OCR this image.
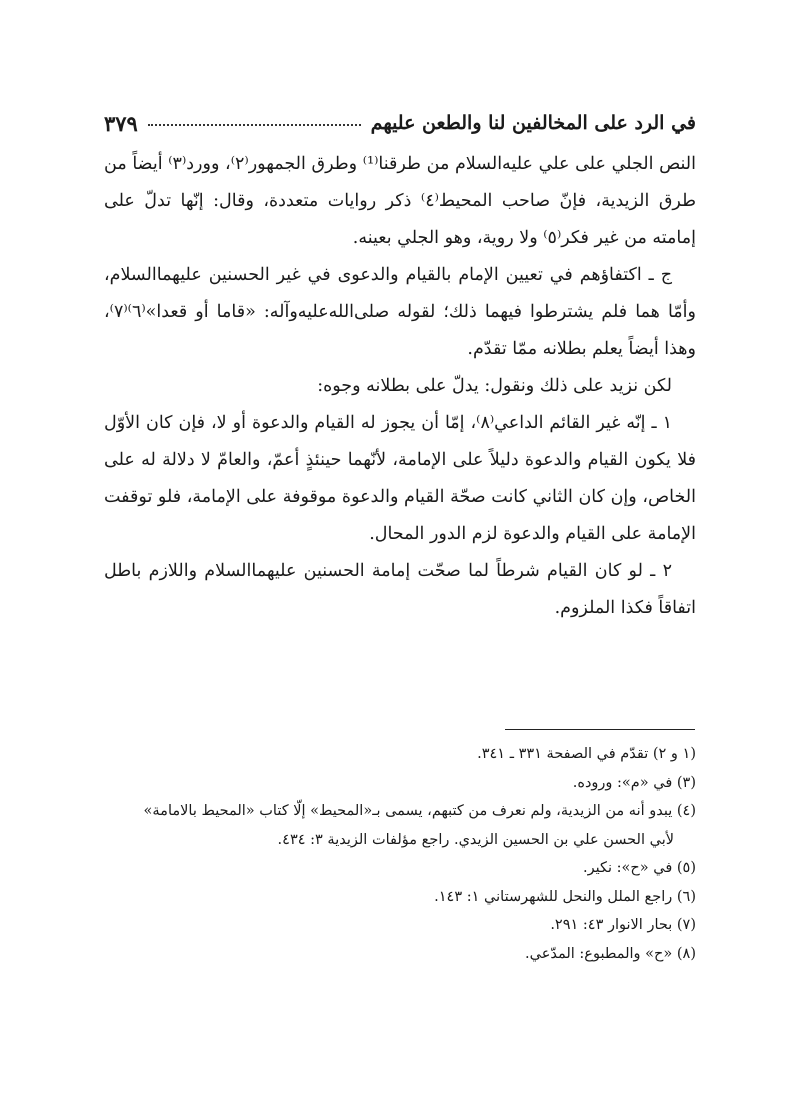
في الرد على المخالفين لنا والطعن عليهم
٣٧٩

النص الجلي على علي عليه‌السلام من طرقنا⁽¹⁾ وطرق الجمهور⁽٢⁾، وورد⁽٣⁾ أيضاً من طرق الزيدية، فإنّ صاحب المحيط⁽٤⁾ ذكر روايات متعددة، وقال: إنّها تدلّ على إمامته من غير فكر⁽٥⁾ ولا روية، وهو الجلي بعينه.

ج ـ اكتفاؤهم في تعيين الإمام بالقيام والدعوى في غير الحسنين عليهما‌السلام، وأمّا هما فلم يشترطوا فيهما ذلك؛ لقوله صلى‌الله‌عليه‌وآله: «قاما أو قعدا»⁽٦⁾⁽٧⁾، وهذا أيضاً يعلم بطلانه ممّا تقدّم.

لكن نزيد على ذلك ونقول: يدلّ على بطلانه وجوه:

١ ـ إنّه غير القائم الداعي⁽٨⁾، إمّا أن يجوز له القيام والدعوة أو لا، فإن كان الأوّل فلا يكون القيام والدعوة دليلاً على الإمامة، لأنّهما حينئذٍ أعمّ، والعامّ لا دلالة له على الخاص، وإن كان الثاني كانت صحّة القيام والدعوة موقوفة على الإمامة، فلو توقفت الإمامة على القيام والدعوة لزم الدور المحال.

٢ ـ لو كان القيام شرطاً لما صحّت إمامة الحسنين عليهما‌السلام واللازم باطل اتفاقاً فكذا الملزوم.

(١ و ٢) تقدّم في الصفحة ٣٣١ ـ ٣٤١.

(٣) في «م»: وروده.

(٤) يبدو أنه من الزيدية، ولم نعرف من كتبهم، يسمى بـ«المحيط» إلّا كتاب «المحيط بالامامة»

لأبي الحسن علي بن الحسين الزيدي. راجع مؤلفات الزيدية ٣: ٤٣٤.

(٥) في «ح»: نكير.

(٦) راجع الملل والنحل للشهرستاني ١: ١٤٣.

(٧) بحار الانوار ٤٣: ٢٩١.

(٨) «ح» والمطبوع: المدّعي.
